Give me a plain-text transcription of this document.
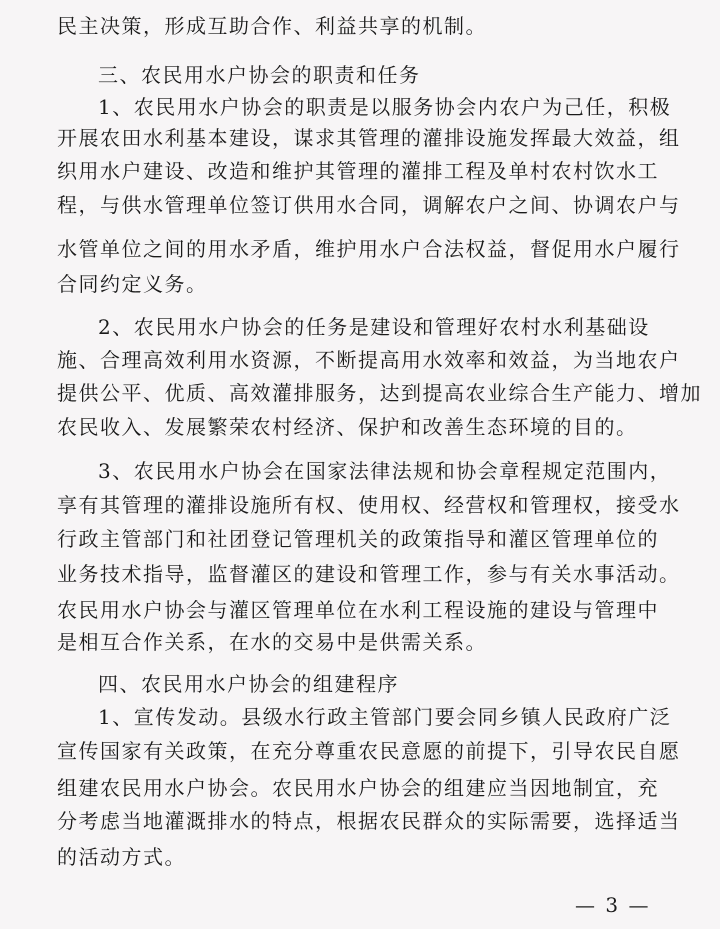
民主决策，形成互助合作、利益共享的机制。
三、农民用水户协会的职责和任务
1、农民用水户协会的职责是以服务协会内农户为己任，积极
开展农田水利基本建设，谋求其管理的灌排设施发挥最大效益，组
织用水户建设、改造和维护其管理的灌排工程及单村农村饮水工
程，与供水管理单位签订供用水合同，调解农户之间、协调农户与
水管单位之间的用水矛盾，维护用水户合法权益，督促用水户履行
合同约定义务。
2、农民用水户协会的任务是建设和管理好农村水利基础设
施、合理高效利用水资源，不断提高用水效率和效益，为当地农户
提供公平、优质、高效灌排服务，达到提高农业综合生产能力、增加
农民收入、发展繁荣农村经济、保护和改善生态环境的目的。
3、农民用水户协会在国家法律法规和协会章程规定范围内，
享有其管理的灌排设施所有权、使用权、经营权和管理权，接受水
行政主管部门和社团登记管理机关的政策指导和灌区管理单位的
业务技术指导，监督灌区的建设和管理工作，参与有关水事活动。
农民用水户协会与灌区管理单位在水利工程设施的建设与管理中
是相互合作关系，在水的交易中是供需关系。
四、农民用水户协会的组建程序
1、宣传发动。县级水行政主管部门要会同乡镇人民政府广泛
宣传国家有关政策，在充分尊重农民意愿的前提下，引导农民自愿
组建农民用水户协会。农民用水户协会的组建应当因地制宜，充
分考虑当地灌溉排水的特点，根据农民群众的实际需要，选择适当
的活动方式。
— 3 —
